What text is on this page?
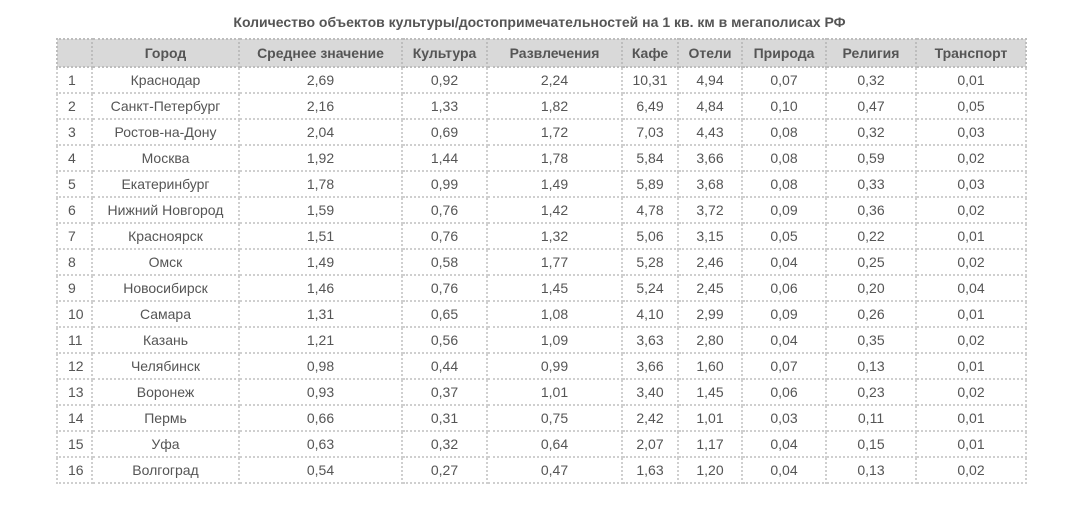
Количество объектов культуры/достопримечательностей на 1 кв. км в мегаполисах РФ
	Город	Среднее значение	Культура	Развлечения	Кафе	Отели	Природа	Религия	Транспорт
1	Краснодар	2,69	0,92	2,24	10,31	4,94	0,07	0,32	0,01
2	Санкт-Петербург	2,16	1,33	1,82	6,49	4,84	0,10	0,47	0,05
3	Ростов-на-Дону	2,04	0,69	1,72	7,03	4,43	0,08	0,32	0,03
4	Москва	1,92	1,44	1,78	5,84	3,66	0,08	0,59	0,02
5	Екатеринбург	1,78	0,99	1,49	5,89	3,68	0,08	0,33	0,03
6	Нижний Новгород	1,59	0,76	1,42	4,78	3,72	0,09	0,36	0,02
7	Красноярск	1,51	0,76	1,32	5,06	3,15	0,05	0,22	0,01
8	Омск	1,49	0,58	1,77	5,28	2,46	0,04	0,25	0,02
9	Новосибирск	1,46	0,76	1,45	5,24	2,45	0,06	0,20	0,04
10	Самара	1,31	0,65	1,08	4,10	2,99	0,09	0,26	0,01
11	Казань	1,21	0,56	1,09	3,63	2,80	0,04	0,35	0,02
12	Челябинск	0,98	0,44	0,99	3,66	1,60	0,07	0,13	0,01
13	Воронеж	0,93	0,37	1,01	3,40	1,45	0,06	0,23	0,02
14	Пермь	0,66	0,31	0,75	2,42	1,01	0,03	0,11	0,01
15	Уфа	0,63	0,32	0,64	2,07	1,17	0,04	0,15	0,01
16	Волгоград	0,54	0,27	0,47	1,63	1,20	0,04	0,13	0,02
